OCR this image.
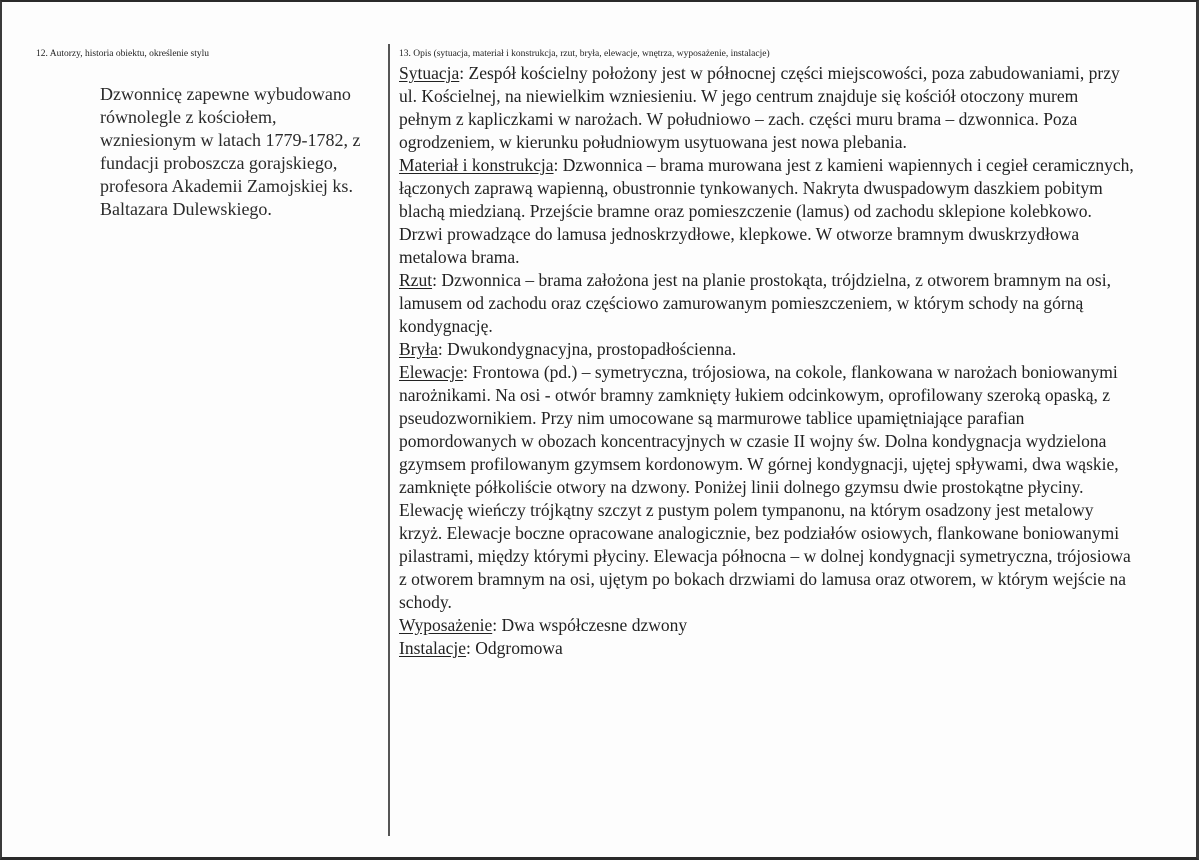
12. Autorzy, historia obiektu, określenie stylu
Dzwonnicę zapewne wybudowano równolegle z kościołem, wzniesionym w latach 1779-1782, z fundacji proboszcza gorajskiego, profesora Akademii Zamojskiej ks. Baltazara Dulewskiego.
13. Opis (sytuacja, materiał i konstrukcja, rzut, bryła, elewacje, wnętrza, wyposażenie, instalacje)

Sytuacja: Zespół kościelny położony jest w północnej części miejscowości, poza zabudowaniami, przy ul. Kościelnej, na niewielkim wzniesieniu. W jego centrum znajduje się kościół otoczony murem pełnym z kapliczkami w narożach. W południowo – zach. części muru brama – dzwonnica. Poza ogrodzeniem, w kierunku południowym usytuowana jest nowa plebania.

Materiał i konstrukcja: Dzwonnica – brama murowana jest z kamieni wapiennych i cegieł ceramicznych, łączonych zaprawą wapienną, obustronnie tynkowanych. Nakryta dwuspadowym daszkiem pobitym blachą miedzianą. Przejście bramne oraz pomieszczenie (lamus) od zachodu sklepione kolebkowo. Drzwi prowadzące do lamusa jednoskrzydłowe, klepkowe. W otworze bramnym dwuskrzydłowa metalowa brama.

Rzut: Dzwonnica – brama założona jest na planie prostokąta, trójdzielna, z otworem bramnym na osi, lamusem od zachodu oraz częściowo zamurowanym pomieszczeniem, w którym schody na górną kondygnację.

Bryła: Dwukondygnacyjna, prostopadłościenna.

Elewacje: Frontowa (pd.) – symetryczna, trójosiowa, na cokole, flankowana w narożach boniowanymi narożnikami. Na osi - otwór bramny zamknięty łukiem odcinkowym, oprofilowany szeroką opaską, z pseudozwornikiem. Przy nim umocowane są marmurowe tablice upamiętniające parafian pomordowanych w obozach koncentracyjnych w czasie II wojny św. Dolna kondygnacja wydzielona gzymsem profilowanym gzymsem kordonowym. W górnej kondygnacji, ujętej spływami, dwa wąskie, zamknięte półkoliście otwory na dzwony. Poniżej linii dolnego gzymsu dwie prostokątne płyciny. Elewację wieńczy trójkątny szczyt z pustym polem tympanonu, na którym osadzony jest metalowy krzyż. Elewacje boczne opracowane analogicznie, bez podziałów osiowych, flankowane boniowanymi pilastrami, między którymi płyciny. Elewacja północna – w dolnej kondygnacji symetryczna, trójosiowa z otworem bramnym na osi, ujętym po bokach drzwiami do lamusa oraz otworem, w którym wejście na schody.

Wyposażenie: Dwa współczesne dzwony

Instalacje: Odgromowa
